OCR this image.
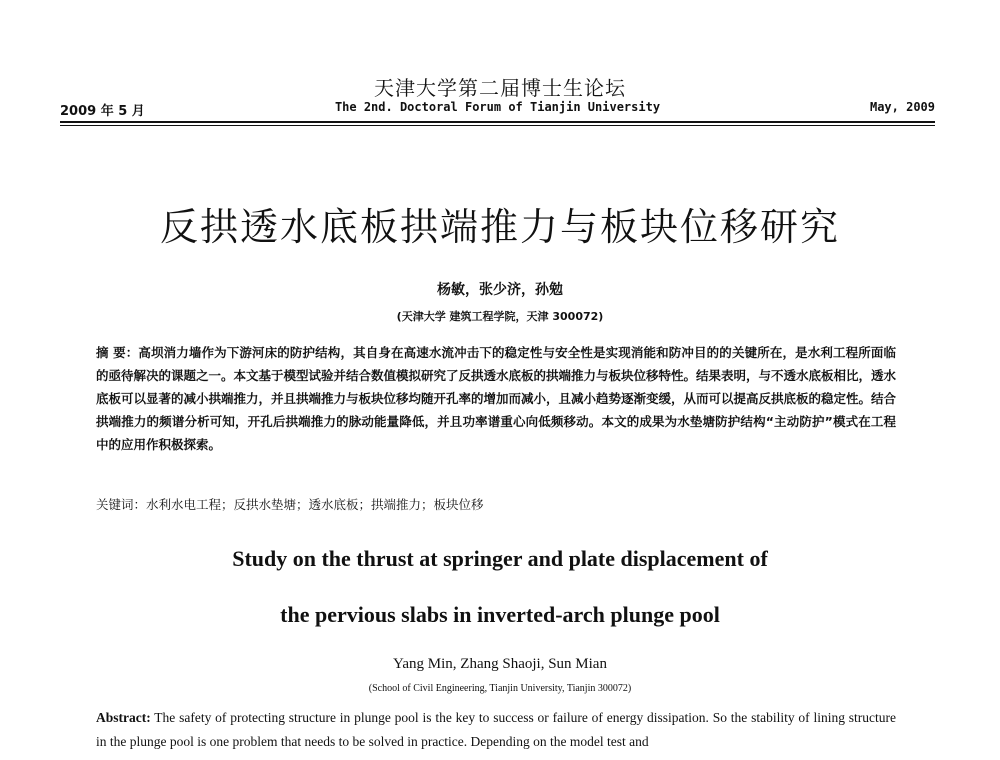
天津大学第二届博士生论坛
2009 年 5 月	The 2nd. Doctoral Forum of Tianjin University	May, 2009
反拱透水底板拱端推力与板块位移研究
杨敏，张少济，孙勉
(天津大学 建筑工程学院，天津 300072)
摘 要：高坝消力墙作为下游河床的防护结构，其自身在高速水流冲击下的稳定性与安全性是实现消能和防冲目的的关键所在，是水利工程所面临的亟待解决的课题之一。本文基于模型试验并结合数值模拟研究了反拱透水底板的拱端推力与板块位移特性。结果表明，与不透水底板相比，透水底板可以显著的减小拱端推力，并且拱端推力与板块位移均随开孔率的增加而减小，且减小趋势逐渐变缓，从而可以提高反拱底板的稳定性。结合拱端推力的频谱分析可知，开孔后拱端推力的脉动能量降低，并且功率谱重心向低频移动。本文的成果为水垫塘防护结构“主动防护”模式在工程中的应用作积极探索。
关键词：水利水电工程；反拱水垫塘；透水底板；拱端推力；板块位移
Study on the thrust at springer and plate displacement of
the pervious slabs in inverted-arch plunge pool
Yang Min, Zhang Shaoji, Sun Mian
(School of Civil Engineering, Tianjin University, Tianjin 300072)
Abstract: The safety of protecting structure in plunge pool is the key to success or failure of energy dissipation. So the stability of lining structure in the plunge pool is one problem that needs to be solved in practice. Depending on the model test and
